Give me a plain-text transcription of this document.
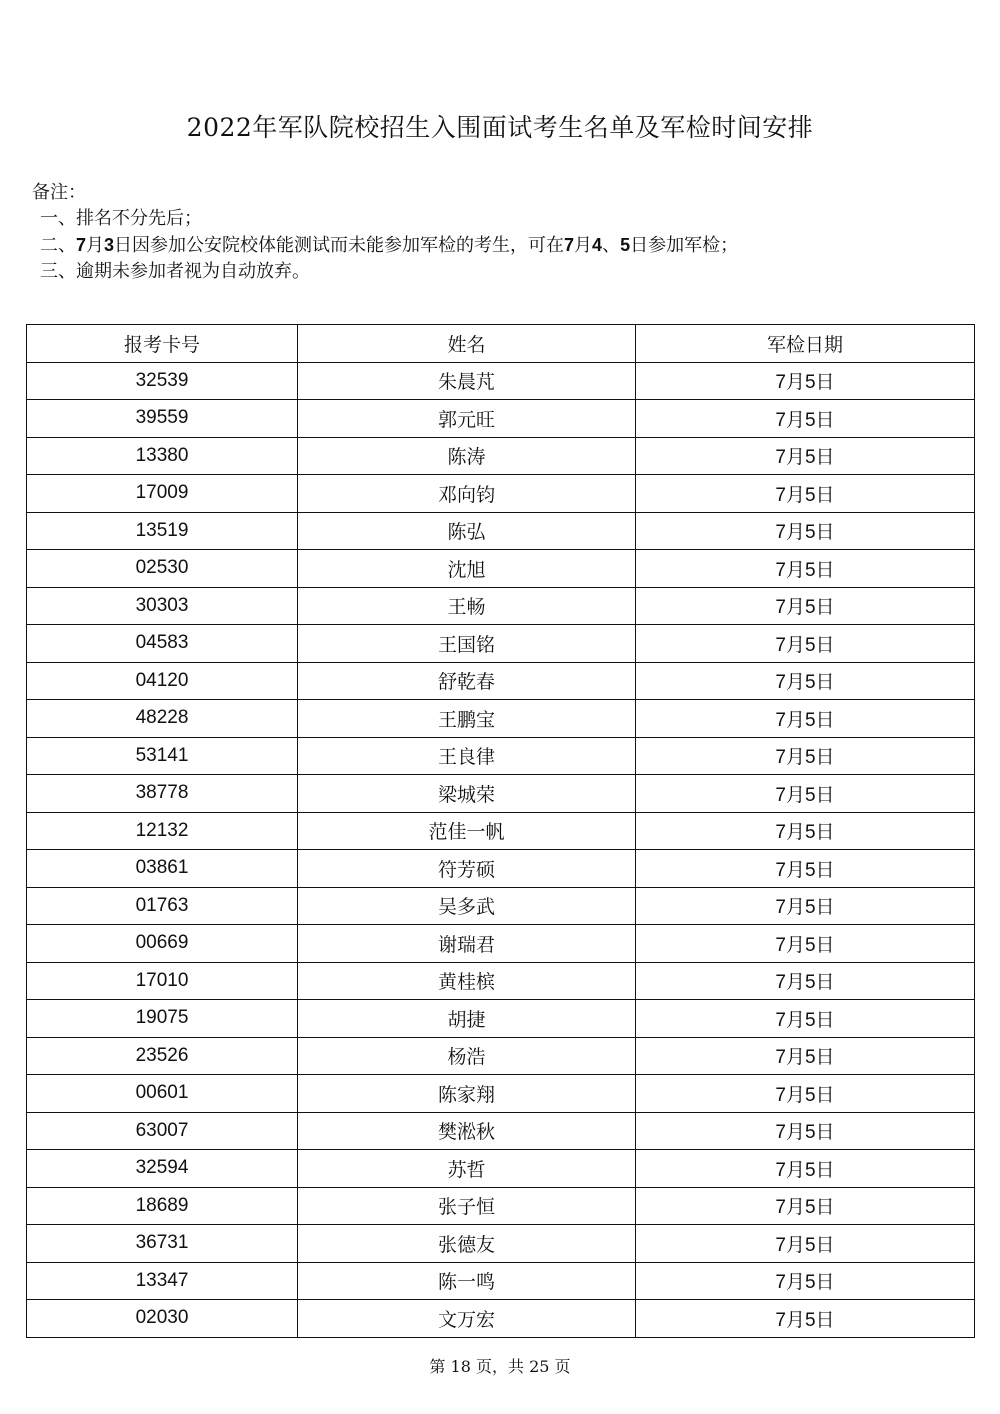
2022年军队院校招生入围面试考生名单及军检时间安排
备注：
一、排名不分先后；
二、7月3日因参加公安院校体能测试而未能参加军检的考生，可在7月4、5日参加军检；
三、逾期未参加者视为自动放弃。
报考卡号	姓名	军检日期
32539	朱晨芃	7月5日
39559	郭元旺	7月5日
13380	陈涛	7月5日
17009	邓向钧	7月5日
13519	陈弘	7月5日
02530	沈旭	7月5日
30303	王畅	7月5日
04583	王国铭	7月5日
04120	舒乾春	7月5日
48228	王鹏宝	7月5日
53141	王良律	7月5日
38778	梁城荣	7月5日
12132	范佳一帆	7月5日
03861	符芳硕	7月5日
01763	吴多武	7月5日
00669	谢瑞君	7月5日
17010	黄桂槟	7月5日
19075	胡捷	7月5日
23526	杨浩	7月5日
00601	陈家翔	7月5日
63007	樊淞秋	7月5日
32594	苏哲	7月5日
18689	张子恒	7月5日
36731	张德友	7月5日
13347	陈一鸣	7月5日
02030	文万宏	7月5日
第 18 页，共 25 页
